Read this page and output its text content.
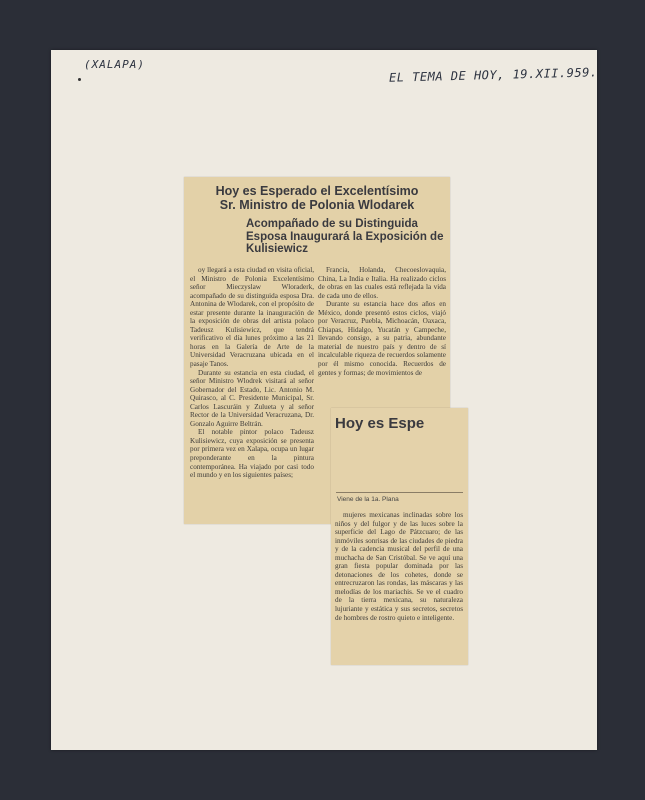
(XALAPA)
EL TEMA DE HOY, 19.XII.959.
Hoy es Esperado el Excelentísimo
Sr. Ministro de Polonia Wlodarek
Acompañado de su Distinguida Esposa Inaugurará la Exposición de Kulisiewicz

oy llegará a esta ciudad en visita oficial, el Ministro de Polonia Excelentísimo señor Mieczyslaw Wloraderk, acompañado de su distinguida esposa Dra. Antonina de Wlodarek, con el propósito de estar presente durante la inauguración de la exposición de obras del artista polaco Tadeusz Kulisiewicz, que tendrá verificativo el día lunes próximo a las 21 horas en la Galería de Arte de la Universidad Veracruzana ubicada en el pasaje Tanos.

Durante su estancia en esta ciudad, el señor Ministro Wlodrek visitará al señor Gobernador del Estado, Lic. Antonio M. Quirasco, al C. Presidente Municipal, Sr. Carlos Lascuráin y Zulueta y al señor Rector de la Universidad Veracruzana, Dr. Gonzalo Aguirre Beltrán.

El notable pintor polaco Tadeusz Kulisiewicz, cuya exposición se presenta por primera vez en Xalapa, ocupa un lugar preponderante en la pintura contemporánea. Ha viajado por casi todo el mundo y en los siguientes países;

Francia, Holanda, Checoeslovaquia, China, La India e Italia. Ha realizado ciclos de obras en las cuales está reflejada la vida de cada uno de ellos.

Durante su estancia hace dos años en México, donde presentó estos ciclos, viajó por Veracruz, Puebla, Michoacán, Oaxaca, Chiapas, Hidalgo, Yucatán y Campeche, llevando consigo, a su patria, abundante material de nuestro país y dentro de sí incalculable riqueza de recuerdos solamente por él mismo conocida. Recuerdos de gentes y formas; de movimientos de

Hoy es Espe
Viene de la 1a. Plana

mujeres mexicanas inclinadas sobre los niños y del fulgor y de las luces sobre la superficie del Lago de Pátzcuaro; de las inmóviles sonrisas de las ciudades de piedra y de la cadencia musical del perfil de una muchacha de San Cristóbal. Se ve aquí una gran fiesta popular dominada por las detonaciones de los cohetes, donde se entrecruzaron las rondas, las máscaras y las melodías de los mariachis. Se ve el cuadro de la tierra mexicana, su naturaleza lujuriante y estática y sus secretos, secretos de hombres de rostro quieto e inteligente.
